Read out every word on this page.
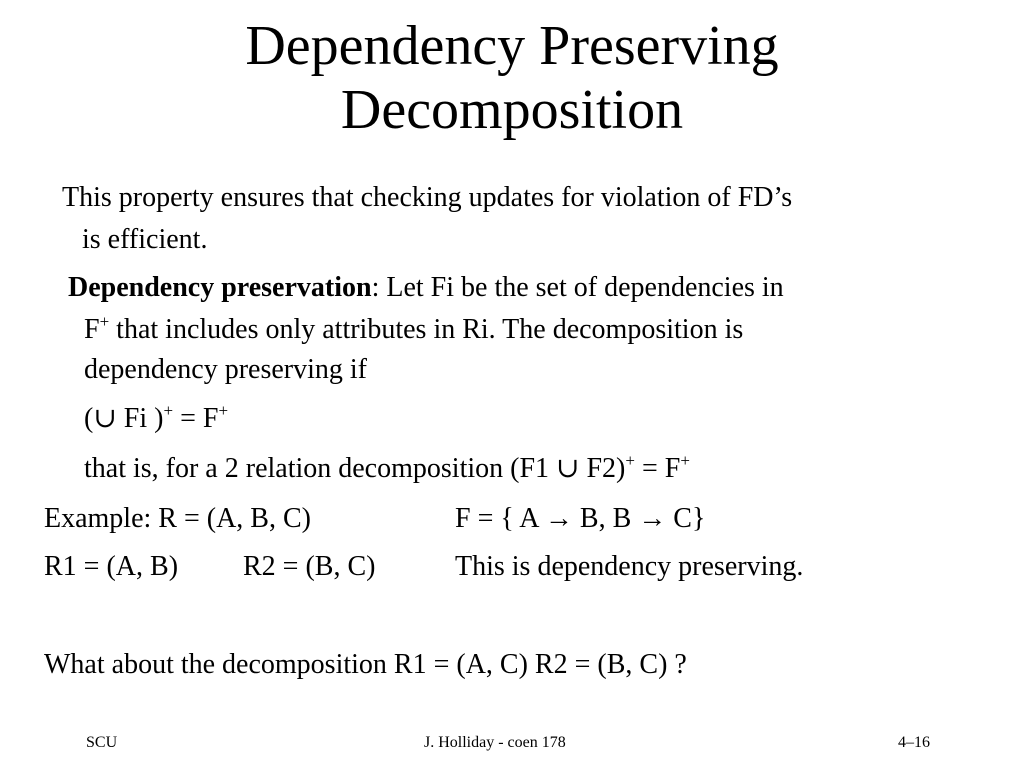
Dependency Preserving
Decomposition
This property ensures that checking updates for violation of FD’s
is efficient.
Dependency preservation: Let Fi be the set of dependencies in
F+ that includes only attributes in Ri. The decomposition is
dependency preserving if
(∪ Fi )+ = F+
that is, for a 2 relation decomposition (F1 ∪ F2)+ = F+
Example: R = (A, B, C)	F = { A → B, B → C}
R1 = (A, B) R2 = (B, C)	This is dependency preserving.
What about the decomposition R1 = (A, C) R2 = (B, C) ?
SCU	J. Holliday - coen 178	4–16
